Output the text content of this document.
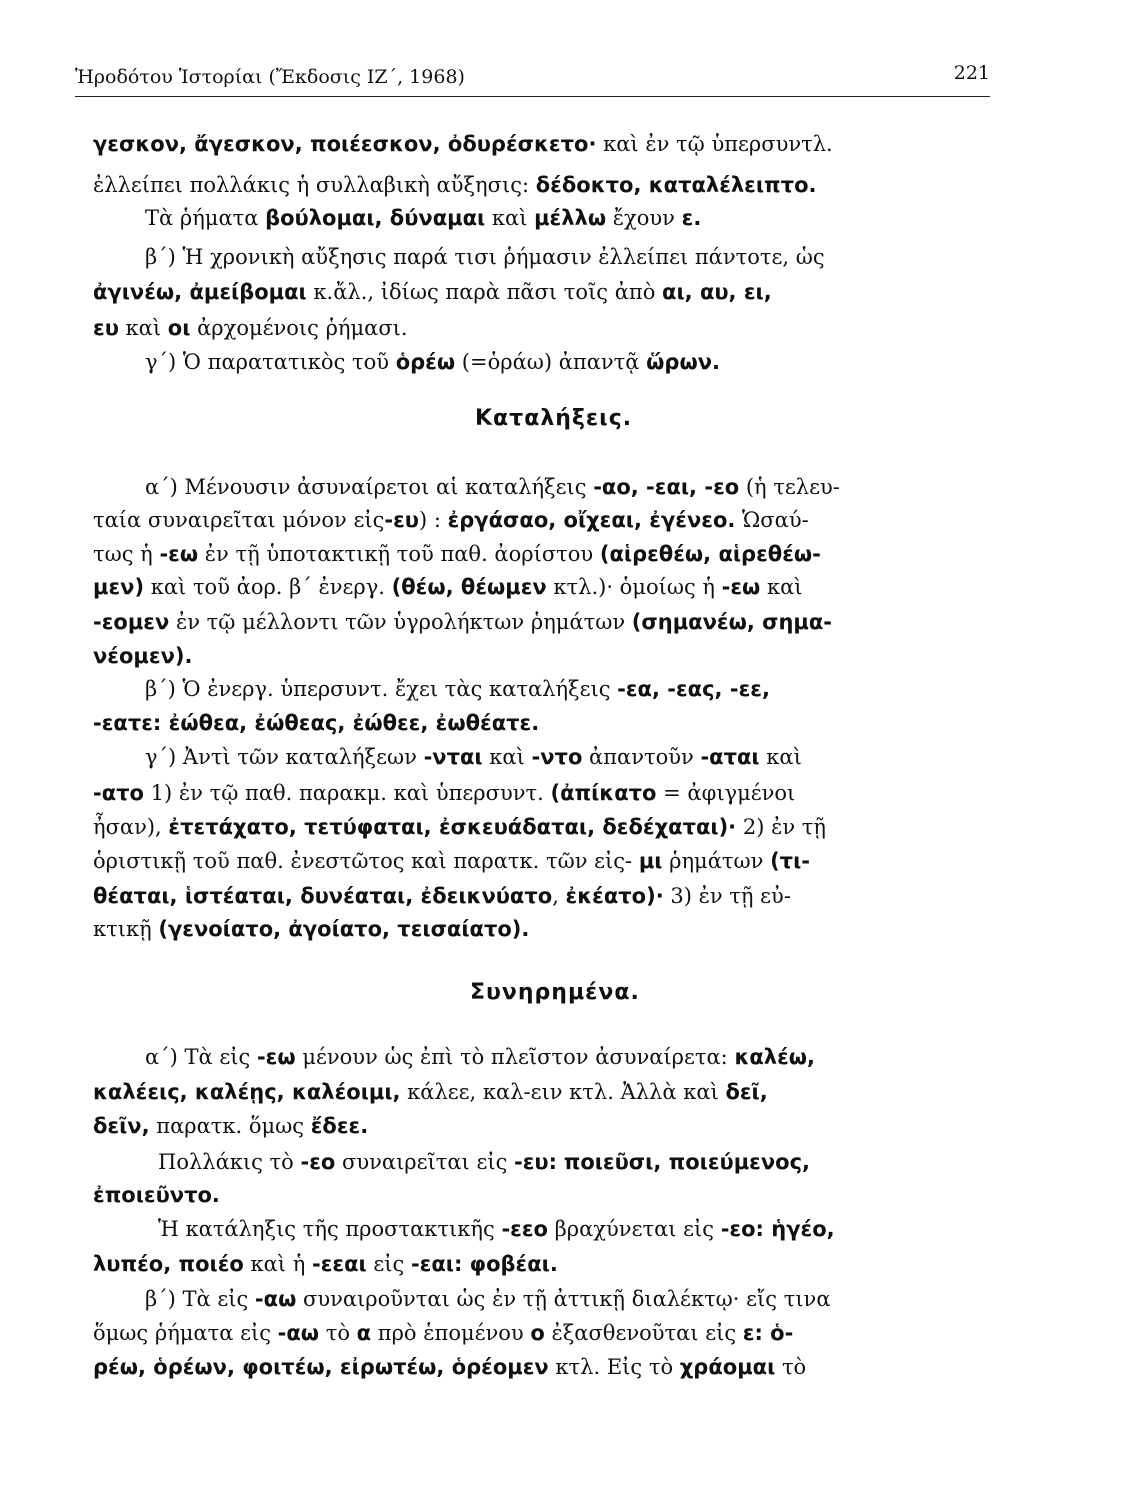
Ἡροδότου Ἱστορίαι (Ἔκδοσις ΙΖ΄, 1968)	221
γεσκον, ἄγεσκον, ποιέεσκον, ὀδυρέσκετο· καὶ ἐν τῷ ὑπερσυντλ.
ἐλλείπει πολλάκις ἡ συλλαβικὴ αὔξησις: δέδοκτο, καταλέλειπτο.
Τὰ ῥήματα βούλομαι, δύναμαι καὶ μέλλω ἔχουν ε.
β΄) Ἡ χρονικὴ αὔξησις παρά τισι ῥήμασιν ἐλλείπει πάντοτε, ὡς
ἀγινέω, ἀμείβομαι κ.ἄλ., ἰδίως παρὰ πᾶσι τοῖς ἀπὸ αι, αυ, ει,
ευ καὶ οι ἀρχομένοις ῥήμασι.
γ΄) Ὁ παρατατικὸς τοῦ ὁρέω (=ὁράω) ἀπαντᾷ ὥρων.
Καταλήξεις.
α΄) Μένουσιν ἀσυναίρετοι αἱ καταλήξεις -αο, -εαι, -εο (ἡ τελευ-
ταία συναιρεῖται μόνον εἰς-ευ) : ἐργάσαο, οἴχεαι, ἐγένεο. Ὡσαύ-
τως ἡ -εω ἐν τῇ ὑποτακτικῇ τοῦ παθ. ἀορίστου (αἱρεθέω, αἱρεθέω-
μεν) καὶ τοῦ ἀορ. β΄ ἐνεργ. (θέω, θέωμεν κτλ.)· ὁμοίως ἡ -εω καὶ
-εομεν ἐν τῷ μέλλοντι τῶν ὑγρολήκτων ῥημάτων (σημανέω, σημα-
νέομεν).
β΄) Ὁ ἐνεργ. ὑπερσυντ. ἔχει τὰς καταλήξεις -εα, -εας, -εε,
-εατε: ἐώθεα, ἐώθεας, ἐώθεε, ἐωθέατε.
γ΄) Ἀντὶ τῶν καταλήξεων -νται καὶ -ντο ἀπαντοῦν -αται καὶ
-ατο 1) ἐν τῷ παθ. παρακμ. καὶ ὑπερσυντ. (ἀπίκατο = ἀφιγμένοι
ἦσαν), ἐτετάχατο, τετύφαται, ἐσκευάδαται, δεδέχαται)· 2) ἐν τῇ
ὁριστικῇ τοῦ παθ. ἐνεστῶτος καὶ παρατκ. τῶν εἰς- μι ῥημάτων (τι-
θέαται, ἱστέαται, δυνέαται, ἐδεικνύατο, ἐκέατο)· 3) ἐν τῇ εὐ-
κτικῇ (γενοίατο, ἀγοίατο, τεισαίατο).
Συνηρημένα.
α΄) Τὰ εἰς -εω μένουν ὡς ἐπὶ τὸ πλεῖστον ἀσυναίρετα: καλέω,
καλέεις, καλέῃς, καλέοιμι, κάλεε, καλ-ειν κτλ. Ἀλλὰ καὶ δεῖ,
δεῖν, παρατκ. ὅμως ἔδεε.
Πολλάκις τὸ -εο συναιρεῖται εἰς -ευ: ποιεῦσι, ποιεύμενος,
ἐποιεῦντο.
Ἡ κατάληξις τῆς προστακτικῆς -εεο βραχύνεται εἰς -εο: ἡγέο,
λυπέο, ποιέο καὶ ἡ -εεαι εἰς -εαι: φοβέαι.
β΄) Τὰ εἰς -αω συναιροῦνται ὡς ἐν τῇ ἀττικῇ διαλέκτῳ· εἴς τινα
ὅμως ῥήματα εἰς -αω τὸ α πρὸ ἑπομένου ο ἐξασθενοῦται εἰς ε: ὁ-
ρέω, ὁρέων, φοιτέω, εἰρωτέω, ὁρέομεν κτλ. Εἰς τὸ χράομαι τὸ
